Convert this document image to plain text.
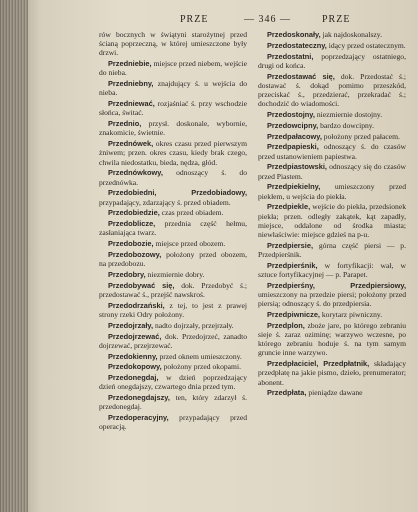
PRZE	— 346 —	PRZE

rów bocznych w świątyni starożytnej przed ścianą poprzeczną, w której umieszczone były drzwi.

Przedniebie, miejsce przed niebem, wejście do nieba.

Przedniebny, znajdujący ś. u wejścia do nieba.

Przedniewać, rozjaśniać ś. przy wschodzie słońca, świtać.

Przednio, przysł. doskonale, wybornie, znakomicie, świetnie.

Przednówek, okres czasu przed pierwszym żniwem; przen. okres czasu, kiedy brak czego, chwila niedostatku, bieda, nędza, głód.

Przednówkowy, odnoszący ś. do przednówka.

Przedobiedni, Przedobiadowy, przypadający, zdarzający ś. przed obiadem.

Przedobiedzie, czas przed obiadem.

Przedoblicze, przednia część hełmu, zasłaniająca twarz.

Przedobozie, miejsce przed obozem.

Przedobozowy, położony przed obozem, na przedobozu.

Przedobry, niezmiernie dobry.

Przedobywać się, dok. Przedobyć ś.; przedostawać ś., przejść nawskroś.

Przedodrzański, z tej, to jest z prawej strony rzeki Odry położony.

Przedojrzały, nadto dojrzały, przejrzały.

Przedojrzewać, dok. Przedojrzeć, zanadto dojrzewać, przejrzewać.

Przedokienny, przed oknem umieszczony.

Przedokopowy, położony przed okopami.

Przedonegdaj, w dzień poprzedzający dzień onegdajszy, czwartego dnia przed tym.

Przedonegdajszy, ten, który zdarzył ś. przedonegdaj.

Przedoperacyjny, przypadający przed operacją.

Przedoskonały, jak najdoskonalszy.

Przedostateczny, idący przed ostatecznym.

Przedostatni, poprzedzający ostatniego, drugi od końca.

Przedostawać się, dok. Przedostać ś.; dostawać ś. dokąd pomimo przeszkód, przeciskać ś., przedzierać, przekradać ś.; dochodzić do wiadomości.

Przedostojny, niezmiernie dostojny.

Przedowcipny, bardzo dowcipny.

Przedpałacowy, położony przed pałacem.

Przedpapieski, odnoszący ś. do czasów przed ustanowieniem papiestwa.

Przedpiastowski, odnoszący się do czasów przed Piastem.

Przedpiekielny, umieszczony przed piekłem, u wejścia do piekła.

Przedpiekle, wejście do piekła, przedsionek piekła; przen. odległy zakątek, kąt zapadły, miejsce, oddalone od środka miasta; niewłaściwie: miejsce gdzieś na p-u.

Przedpiersie, górna część piersi — p. Przedpierśnik.

Przedpierśnik, w fortyfikacji: wał, w sztuce fortyfikacyjnej — p. Parapet.

Przedpierśny, Przedpiersiowy, umieszczony na przedzie piersi; położony przed piersią; odnoszący ś. do przedpiersia.

Przedpiwnicze, korytarz piwniczny.

Przedplon, zboże jare, po którego zebraniu sieje ś. zaraz oziminę; warzywo wczesne, po którego zebraniu hoduje ś. na tym samym gruncie inne warzywo.

Przedpłaciciel, Przedpłatnik, składający przedpłatę na jakie pismo, dzieło, prenumerator; abonent.

Przedpłata, pieniądze dawane
